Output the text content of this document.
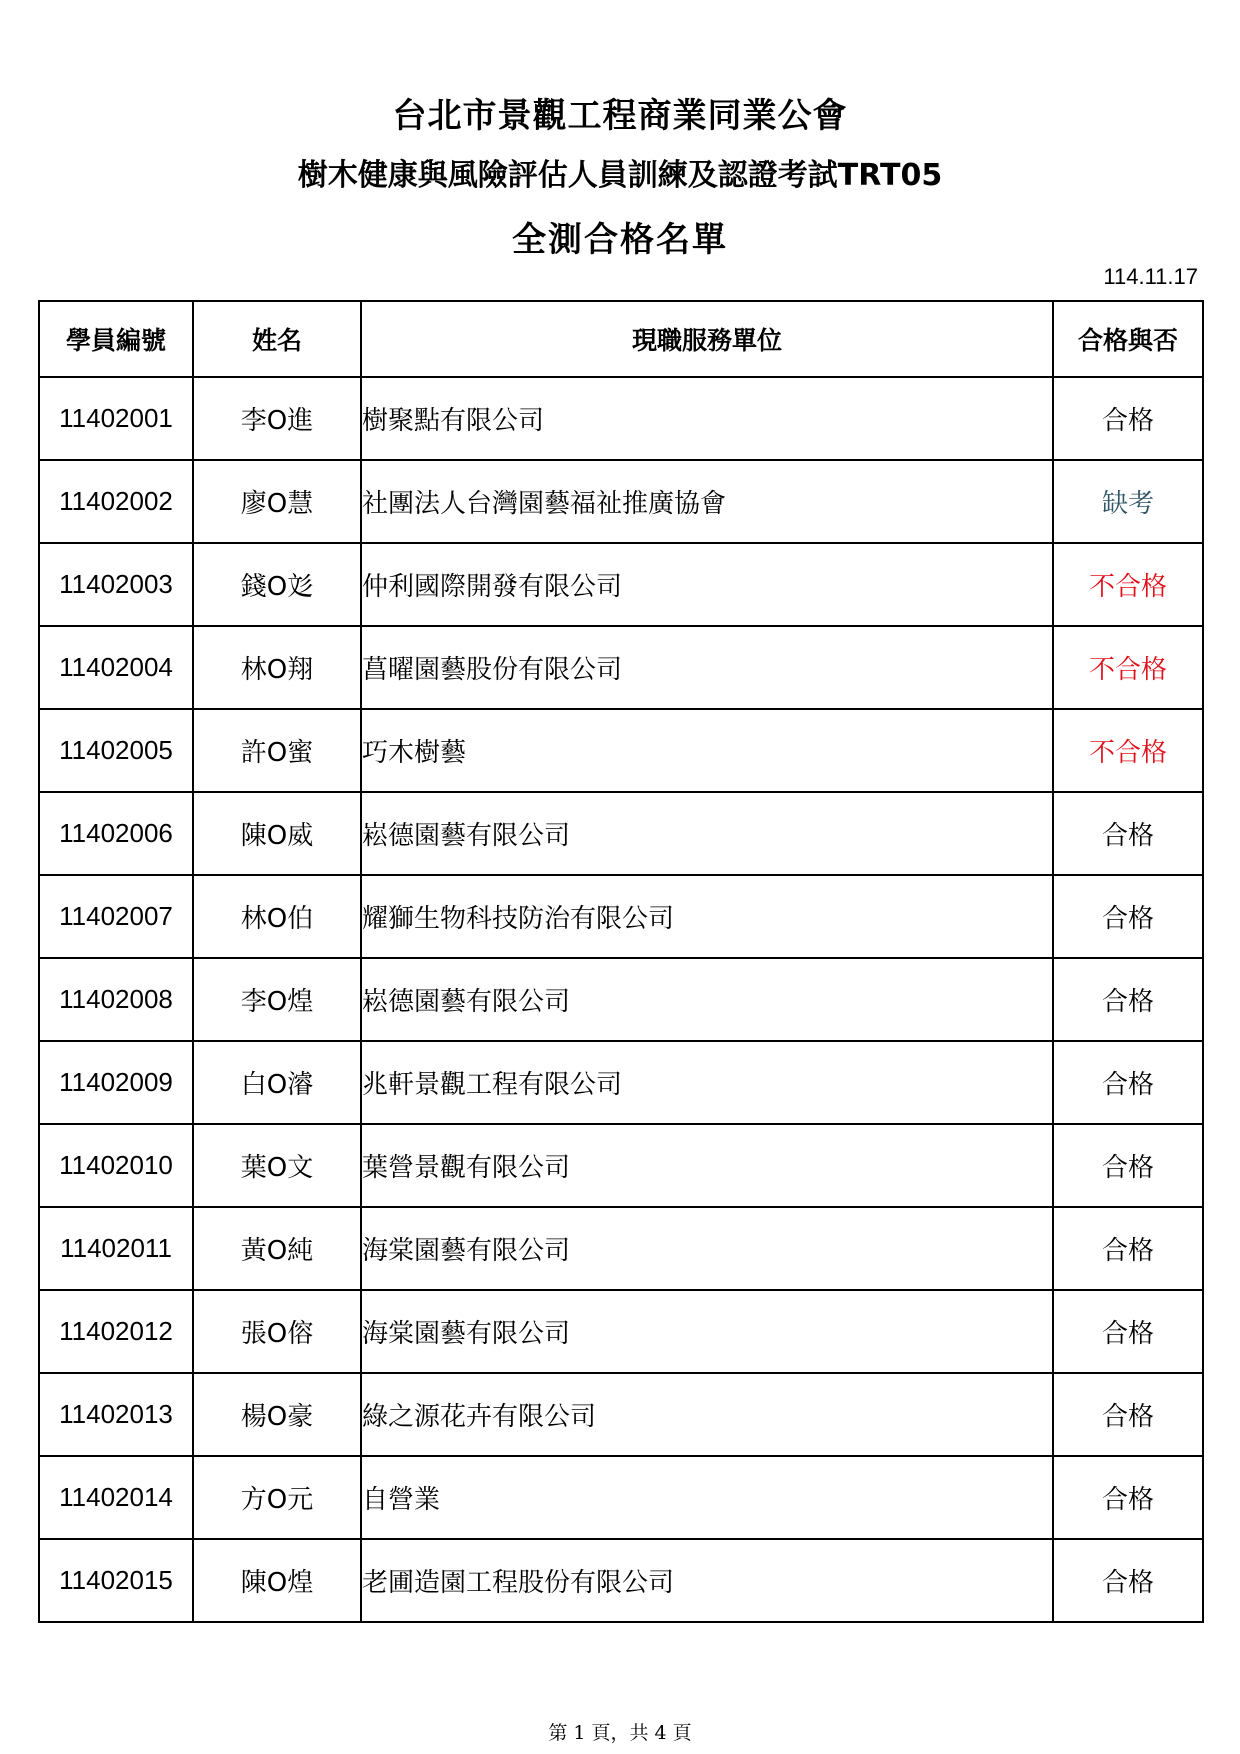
台北市景觀工程商業同業公會
樹木健康與風險評估人員訓練及認證考試TRT05
全測合格名單
114.11.17
學員編號	姓名	現職服務單位	合格與否
11402001	李O進	樹聚點有限公司	合格
11402002	廖O慧	社團法人台灣園藝福祉推廣協會	缺考
11402003	錢O彣	仲利國際開發有限公司	不合格
11402004	林O翔	菖曜園藝股份有限公司	不合格
11402005	許O蜜	巧木樹藝	不合格
11402006	陳O威	崧德園藝有限公司	合格
11402007	林O伯	耀獅生物科技防治有限公司	合格
11402008	李O煌	崧德園藝有限公司	合格
11402009	白O濬	兆軒景觀工程有限公司	合格
11402010	葉O文	葉營景觀有限公司	合格
11402011	黃O純	海棠園藝有限公司	合格
11402012	張O傛	海棠園藝有限公司	合格
11402013	楊O豪	綠之源花卉有限公司	合格
11402014	方O元	自營業	合格
11402015	陳O煌	老圃造園工程股份有限公司	合格
第 1 頁，共 4 頁
